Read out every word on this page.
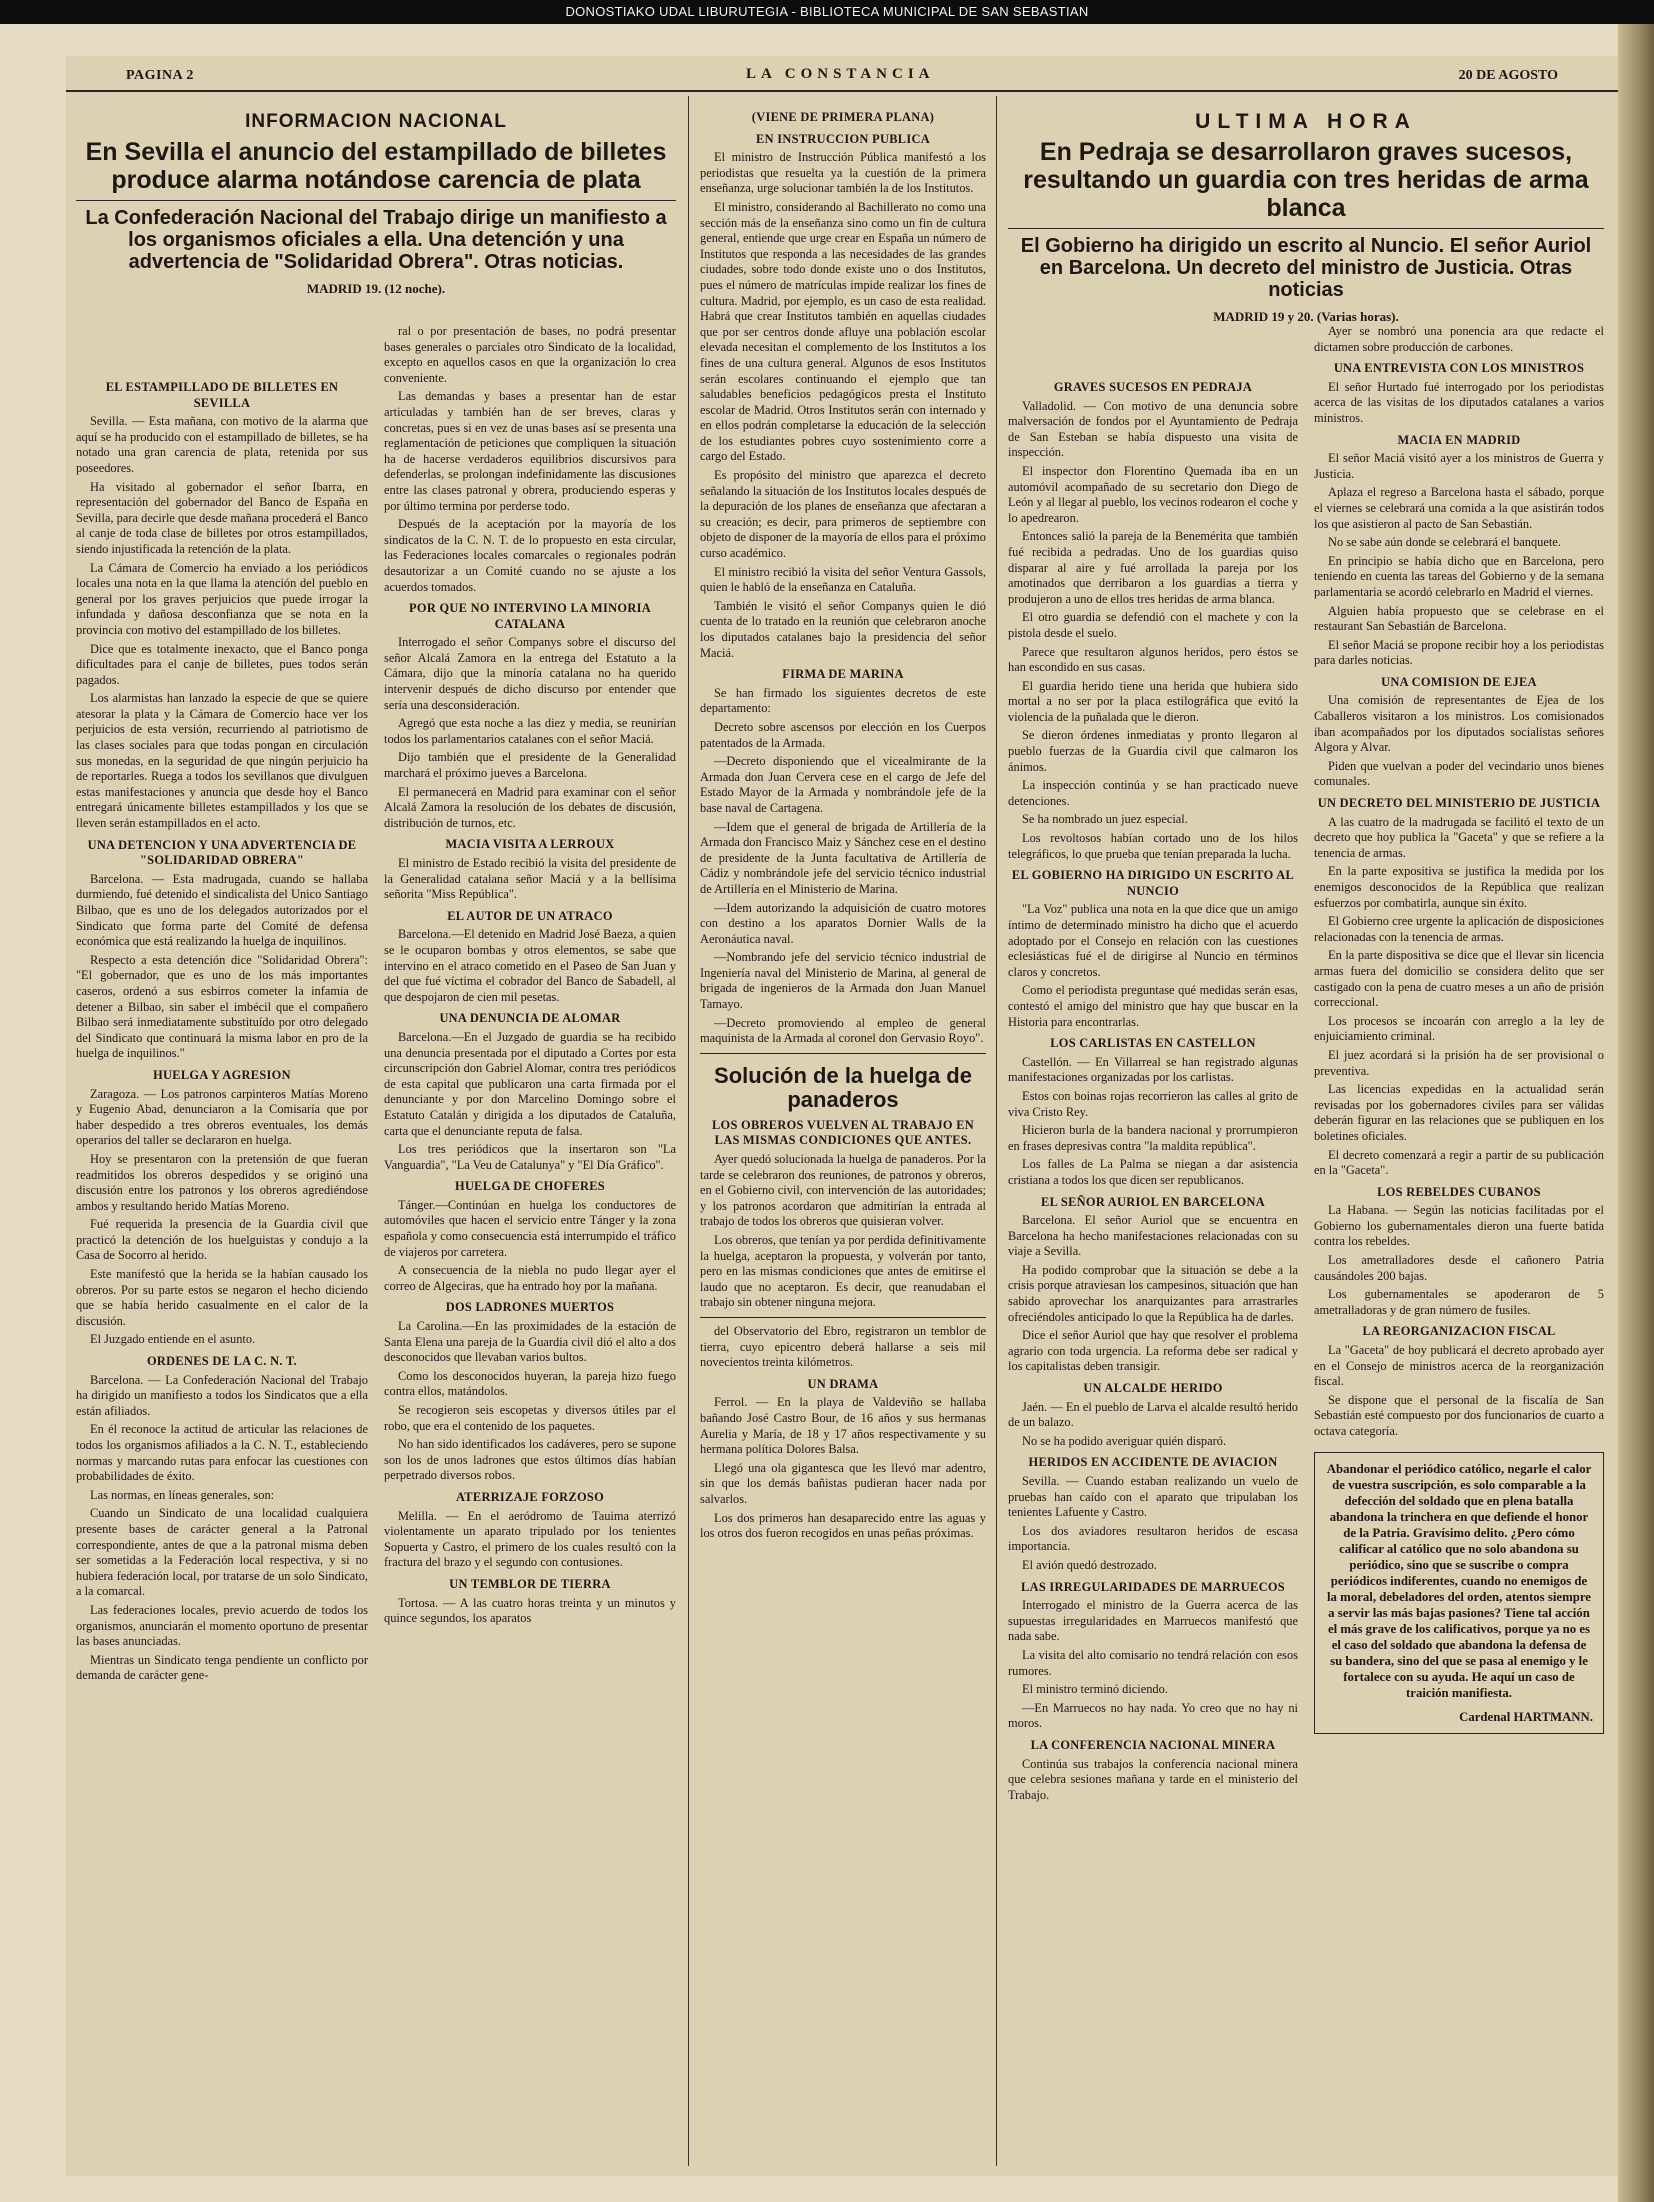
DONOSTIAKO UDAL LIBURUTEGIA - BIBLIOTECA MUNICIPAL DE SAN SEBASTIAN
PAGINA 2	LA CONSTANCIA	20 DE AGOSTO
INFORMACION NACIONAL
En Sevilla el anuncio del estampillado de billetes produce alarma notándose carencia de plata
La Confederación Nacional del Trabajo dirige un manifiesto a los organismos oficiales a ella. Una detención y una advertencia de "Solidaridad Obrera". Otras noticias.
MADRID 19. (12 noche).
EL ESTAMPILLADO DE BILLETES EN SEVILLA

Sevilla. — Esta mañana, con motivo de la alarma que aquí se ha producido con el estampillado de billetes, se ha notado una gran carencia de plata, retenida por sus poseedores.

Ha visitado al gobernador el señor Ibarra, en representación del gobernador del Banco de España en Sevilla, para decirle que desde mañana procederá el Banco al canje de toda clase de billetes por otros estampillados, siendo injustificada la retención de la plata.

La Cámara de Comercio ha enviado a los periódicos locales una nota en la que llama la atención del pueblo en general por los graves perjuicios que puede irrogar la infundada y dañosa desconfianza que se nota en la provincia con motivo del estampillado de los billetes.

Dice que es totalmente inexacto, que el Banco ponga dificultades para el canje de billetes, pues todos serán pagados.

Los alarmistas han lanzado la especie de que se quiere atesorar la plata y la Cámara de Comercio hace ver los perjuicios de esta versión, recurriendo al patriotismo de las clases sociales para que todas pongan en circulación sus monedas, en la seguridad de que ningún perjuicio ha de reportarles. Ruega a todos los sevillanos que divulguen estas manifestaciones y anuncia que desde hoy el Banco entregará únicamente billetes estampillados y los que se lleven serán estampillados en el acto.

UNA DETENCION Y UNA ADVERTENCIA DE "SOLIDARIDAD OBRERA"

Barcelona. — Esta madrugada, cuando se hallaba durmiendo, fué detenido el sindicalista del Unico Santiago Bilbao, que es uno de los delegados autorizados por el Sindicato que forma parte del Comité de defensa económica que está realizando la huelga de inquilinos.

Respecto a esta detención dice "Solidaridad Obrera": "El gobernador, que es uno de los más importantes caseros, ordenó a sus esbirros cometer la infamia de detener a Bilbao, sin saber el imbécil que el compañero Bilbao será inmediatamente substituído por otro delegado del Sindicato que continuará la misma labor en pro de la huelga de inquilinos."

HUELGA Y AGRESION

Zaragoza. — Los patronos carpinteros Matías Moreno y Eugenio Abad, denunciaron a la Comisaría que por haber despedido a tres obreros eventuales, los demás operarios del taller se declararon en huelga.

Hoy se presentaron con la pretensión de que fueran readmitidos los obreros despedidos y se originó una discusión entre los patronos y los obreros agrediéndose ambos y resultando herido Matías Moreno.

Fué requerida la presencia de la Guardia civil que practicó la detención de los huelguistas y condujo a la Casa de Socorro al herido.

Este manifestó que la herida se la habían causado los obreros. Por su parte estos se negaron el hecho diciendo que se había herido casualmente en el calor de la discusión.

El Juzgado entiende en el asunto.

ORDENES DE LA C. N. T.

Barcelona. — La Confederación Nacional del Trabajo ha dirigido un manifiesto a todos los Sindicatos que a ella están afiliados.

En él reconoce la actitud de articular las relaciones de todos los organismos afiliados a la C. N. T., estableciendo normas y marcando rutas para enfocar las cuestiones con probabilidades de éxito.

Las normas, en líneas generales, son:

Cuando un Sindicato de una localidad cualquiera presente bases de carácter general a la Patronal correspondiente, antes de que a la patronal misma deben ser sometidas a la Federación local respectiva, y si no hubiera federación local, por tratarse de un solo Sindicato, a la comarcal.

Las federaciones locales, previo acuerdo de todos los organismos, anunciarán el momento oportuno de presentar las bases anunciadas.

Mientras un Sindicato tenga pendiente un conflicto por demanda de carácter gene-

ral o por presentación de bases, no podrá presentar bases generales o parciales otro Sindicato de la localidad, excepto en aquellos casos en que la organización lo crea conveniente.

Las demandas y bases a presentar han de estar articuladas y también han de ser breves, claras y concretas, pues si en vez de unas bases así se presenta una reglamentación de peticiones que compliquen la situación ha de hacerse verdaderos equilibrios discursivos para defenderlas, se prolongan indefinidamente las discusiones entre las clases patronal y obrera, produciendo esperas y por último termina por perderse todo.

Después de la aceptación por la mayoría de los sindicatos de la C. N. T. de lo propuesto en esta circular, las Federaciones locales comarcales o regionales podrán desautorizar a un Comité cuando no se ajuste a los acuerdos tomados.

POR QUE NO INTERVINO LA MINORIA CATALANA

Interrogado el señor Companys sobre el discurso del señor Alcalá Zamora en la entrega del Estatuto a la Cámara, dijo que la minoría catalana no ha querido intervenir después de dicho discurso por entender que sería una desconsideración.

Agregó que esta noche a las diez y media, se reunirían todos los parlamentarios catalanes con el señor Maciá.

Dijo también que el presidente de la Generalidad marchará el próximo jueves a Barcelona.

El permanecerá en Madrid para examinar con el señor Alcalá Zamora la resolución de los debates de discusión, distribución de turnos, etc.

MACIA VISITA A LERROUX

El ministro de Estado recibió la visita del presidente de la Generalidad catalana señor Maciá y a la bellísima señorita "Miss República".

EL AUTOR DE UN ATRACO

Barcelona.—El detenido en Madrid José Baeza, a quien se le ocuparon bombas y otros elementos, se sabe que intervino en el atraco cometido en el Paseo de San Juan y del que fué víctima el cobrador del Banco de Sabadell, al que despojaron de cien mil pesetas.

UNA DENUNCIA DE ALOMAR

Barcelona.—En el Juzgado de guardia se ha recibido una denuncia presentada por el diputado a Cortes por esta circunscripción don Gabriel Alomar, contra tres periódicos de esta capital que publicaron una carta firmada por el denunciante y por don Marcelino Domingo sobre el Estatuto Catalán y dirigida a los diputados de Cataluña, carta que el denunciante reputa de falsa.

Los tres periódicos que la insertaron son "La Vanguardia", "La Veu de Catalunya" y "El Día Gráfico".

HUELGA DE CHOFERES

Tánger.—Continúan en huelga los conductores de automóviles que hacen el servicio entre Tánger y la zona española y como consecuencia está interrumpido el tráfico de viajeros por carretera.

A consecuencia de la niebla no pudo llegar ayer el correo de Algeciras, que ha entrado hoy por la mañana.

DOS LADRONES MUERTOS

La Carolina.—En las proximidades de la estación de Santa Elena una pareja de la Guardia civil dió el alto a dos desconocidos que llevaban varios bultos.

Como los desconocidos huyeran, la pareja hizo fuego contra ellos, matándolos.

Se recogieron seis escopetas y diversos útiles par el robo, que era el contenido de los paquetes.

No han sido identificados los cadáveres, pero se supone son los de unos ladrones que estos últimos días habían perpetrado diversos robos.

ATERRIZAJE FORZOSO

Melilla. — En el aeródromo de Tauima aterrizó violentamente un aparato tripulado por los tenientes Sopuerta y Castro, el primero de los cuales resultó con la fractura del brazo y el segundo con contusiones.

UN TEMBLOR DE TIERRA

Tortosa. — A las cuatro horas treinta y un minutos y quince segundos, los aparatos

(VIENE DE PRIMERA PLANA)
EN INSTRUCCION PUBLICA

El ministro de Instrucción Pública manifestó a los periodistas que resuelta ya la cuestión de la primera enseñanza, urge solucionar también la de los Institutos.

El ministro, considerando al Bachillerato no como una sección más de la enseñanza sino como un fin de cultura general, entiende que urge crear en España un número de Institutos que responda a las necesidades de las grandes ciudades, sobre todo donde existe uno o dos Institutos, pues el número de matrículas impide realizar los fines de cultura. Madrid, por ejemplo, es un caso de esta realidad. Habrá que crear Institutos también en aquellas ciudades que por ser centros donde afluye una población escolar elevada necesitan el complemento de los Institutos a los fines de una cultura general. Algunos de esos Institutos serán escolares continuando el ejemplo que tan saludables beneficios pedagógicos presta el Instituto escolar de Madrid. Otros Institutos serán con internado y en ellos podrán completarse la educación de la selección de los estudiantes pobres cuyo sostenimiento corre a cargo del Estado.

Es propósito del ministro que aparezca el decreto señalando la situación de los Institutos locales después de la depuración de los planes de enseñanza que afectaran a su creación; es decir, para primeros de septiembre con objeto de disponer de la mayoría de ellos para el próximo curso académico.

El ministro recibió la visita del señor Ventura Gassols, quien le habló de la enseñanza en Cataluña.

También le visitó el señor Companys quien le dió cuenta de lo tratado en la reunión que celebraron anoche los diputados catalanes bajo la presidencia del señor Maciá.

FIRMA DE MARINA

Se han firmado los siguientes decretos de este departamento:

Decreto sobre ascensos por elección en los Cuerpos patentados de la Armada.

—Decreto disponiendo que el vicealmirante de la Armada don Juan Cervera cese en el cargo de Jefe del Estado Mayor de la Armada y nombrándole jefe de la base naval de Cartagena.

—Idem que el general de brigada de Artillería de la Armada don Francisco Maiz y Sánchez cese en el destino de presidente de la Junta facultativa de Artillería de Cádiz y nombrándole jefe del servicio técnico industrial de Artillería en el Ministerio de Marina.

—Idem autorizando la adquisición de cuatro motores con destino a los aparatos Dornier Walls de la Aeronáutica naval.

—Nombrando jefe del servicio técnico industrial de Ingeniería naval del Ministerio de Marina, al general de brigada de ingenieros de la Armada don Juan Manuel Tamayo.

—Decreto promoviendo al empleo de general maquinista de la Armada al coronel don Gervasio Royo".

Solución de la huelga de panaderos
LOS OBREROS VUELVEN AL TRABAJO EN LAS MISMAS CONDICIONES QUE ANTES.

Ayer quedó solucionada la huelga de panaderos. Por la tarde se celebraron dos reuniones, de patronos y obreros, en el Gobierno civil, con intervención de las autoridades; y los patronos acordaron que admitirían la entrada al trabajo de todos los obreros que quisieran volver.

Los obreros, que tenían ya por perdida definitivamente la huelga, aceptaron la propuesta, y volverán por tanto, pero en las mismas condiciones que antes de emitirse el laudo que no aceptaron. Es decir, que reanudaban el trabajo sin obtener ninguna mejora.

del Observatorio del Ebro, registraron un temblor de tierra, cuyo epicentro deberá hallarse a seis mil novecientos treinta kilómetros.

UN DRAMA

Ferrol. — En la playa de Valdeviño se hallaba bañando José Castro Bour, de 16 años y sus hermanas Aurelia y María, de 18 y 17 años respectivamente y su hermana política Dolores Balsa.

Llegó una ola gigantesca que les llevó mar adentro, sin que los demás bañistas pudieran hacer nada por salvarlos.

Los dos primeros han desaparecido entre las aguas y los otros dos fueron recogidos en unas peñas próximas.

ULTIMA HORA
En Pedraja se desarrollaron graves sucesos, resultando un guardia con tres heridas de arma blanca
El Gobierno ha dirigido un escrito al Nuncio. El señor Auriol en Barcelona. Un decreto del ministro de Justicia. Otras noticias
MADRID 19 y 20. (Varias horas).
GRAVES SUCESOS EN PEDRAJA

Valladolid. — Con motivo de una denuncia sobre malversación de fondos por el Ayuntamiento de Pedraja de San Esteban se había dispuesto una visita de inspección.

El inspector don Florentino Quemada iba en un automóvil acompañado de su secretario don Diego de León y al llegar al pueblo, los vecinos rodearon el coche y lo apedrearon.

Entonces salió la pareja de la Benemérita que también fué recibida a pedradas. Uno de los guardias quiso disparar al aire y fué arrollada la pareja por los amotinados que derribaron a los guardias a tierra y produjeron a uno de ellos tres heridas de arma blanca.

El otro guardia se defendió con el machete y con la pistola desde el suelo.

Parece que resultaron algunos heridos, pero éstos se han escondido en sus casas.

El guardia herido tiene una herida que hubiera sido mortal a no ser por la placa estilográfica que evitó la violencia de la puñalada que le dieron.

Se dieron órdenes inmediatas y pronto llegaron al pueblo fuerzas de la Guardia civil que calmaron los ánimos.

La inspección continúa y se han practicado nueve detenciones.

Se ha nombrado un juez especial.

Los revoltosos habían cortado uno de los hilos telegráficos, lo que prueba que tenían preparada la lucha.

EL GOBIERNO HA DIRIGIDO UN ESCRITO AL NUNCIO

"La Voz" publica una nota en la que dice que un amigo íntimo de determinado ministro ha dicho que el acuerdo adoptado por el Consejo en relación con las cuestiones eclesiásticas fué el de dirigirse al Nuncio en términos claros y concretos.

Como el periodista preguntase qué medidas serán esas, contestó el amigo del ministro que hay que buscar en la Historia para encontrarlas.

LOS CARLISTAS EN CASTELLON

Castellón. — En Villarreal se han registrado algunas manifestaciones organizadas por los carlistas.

Estos con boinas rojas recorrieron las calles al grito de viva Cristo Rey.

Hicieron burla de la bandera nacional y prorrumpieron en frases depresivas contra "la maldita república".

Los falles de La Palma se niegan a dar asistencia cristiana a todos los que dicen ser republicanos.

EL SEÑOR AURIOL EN BARCELONA

Barcelona. El señor Auriol que se encuentra en Barcelona ha hecho manifestaciones relacionadas con su viaje a Sevilla.

Ha podido comprobar que la situación se debe a la crisis porque atraviesan los campesinos, situación que han sabido aprovechar los anarquizantes para arrastrarles ofreciéndoles anticipado lo que la República ha de darles.

Dice el señor Auriol que hay que resolver el problema agrario con toda urgencia. La reforma debe ser radical y los capitalistas deben transigir.

UN ALCALDE HERIDO

Jaén. — En el pueblo de Larva el alcalde resultó herido de un balazo.

No se ha podido averiguar quién disparó.

HERIDOS EN ACCIDENTE DE AVIACION

Sevilla. — Cuando estaban realizando un vuelo de pruebas han caído con el aparato que tripulaban los tenientes Lafuente y Castro.

Los dos aviadores resultaron heridos de escasa importancia.

El avión quedó destrozado.

LAS IRREGULARIDADES DE MARRUECOS

Interrogado el ministro de la Guerra acerca de las supuestas irregularidades en Marruecos manifestó que nada sabe.

La visita del alto comisario no tendrá relación con esos rumores.

El ministro terminó diciendo.

—En Marruecos no hay nada. Yo creo que no hay ni moros.

LA CONFERENCIA NACIONAL MINERA

Continúa sus trabajos la conferencia nacional minera que celebra sesiones mañana y tarde en el ministerio del Trabajo.

Ayer se nombró una ponencia ara que redacte el dictamen sobre producción de carbones.

UNA ENTREVISTA CON LOS MINISTROS

El señor Hurtado fué interrogado por los periodistas acerca de las visitas de los diputados catalanes a varios ministros.

MACIA EN MADRID

El señor Maciá visitó ayer a los ministros de Guerra y Justicia.

Aplaza el regreso a Barcelona hasta el sábado, porque el viernes se celebrará una comida a la que asistirán todos los que asistieron al pacto de San Sebastián.

No se sabe aún donde se celebrará el banquete.

En principio se había dicho que en Barcelona, pero teniendo en cuenta las tareas del Gobierno y de la semana parlamentaria se acordó celebrarlo en Madrid el viernes.

Alguien había propuesto que se celebrase en el restaurant San Sebastián de Barcelona.

El señor Maciá se propone recibir hoy a los periodistas para darles noticias.

UNA COMISION DE EJEA

Una comisión de representantes de Ejea de los Caballeros visitaron a los ministros. Los comisionados iban acompañados por los diputados socialistas señores Algora y Alvar.

Piden que vuelvan a poder del vecindario unos bienes comunales.

UN DECRETO DEL MINISTERIO DE JUSTICIA

A las cuatro de la madrugada se facilitó el texto de un decreto que hoy publica la "Gaceta" y que se refiere a la tenencia de armas.

En la parte expositiva se justifica la medida por los enemigos desconocidos de la República que realizan esfuerzos por combatirla, aunque sin éxito.

El Gobierno cree urgente la aplicación de disposiciones relacionadas con la tenencia de armas.

En la parte dispositiva se dice que el llevar sin licencia armas fuera del domicilio se considera delito que ser castigado con la pena de cuatro meses a un año de prisión correccional.

Los procesos se incoarán con arreglo a la ley de enjuiciamiento criminal.

El juez acordará si la prisión ha de ser provisional o preventiva.

Las licencias expedidas en la actualidad serán revisadas por los gobernadores civiles para ser válidas deberán figurar en las relaciones que se publiquen en los boletines oficiales.

El decreto comenzará a regir a partir de su publicación en la "Gaceta".

LOS REBELDES CUBANOS

La Habana. — Según las noticias facilitadas por el Gobierno los gubernamentales dieron una fuerte batida contra los rebeldes.

Los ametralladores desde el cañonero Patria causándoles 200 bajas.

Los gubernamentales se apoderaron de 5 ametralladoras y de gran número de fusiles.

LA REORGANIZACION FISCAL

La "Gaceta" de hoy publicará el decreto aprobado ayer en el Consejo de ministros acerca de la reorganización fiscal.

Se dispone que el personal de la fiscalía de San Sebastián esté compuesto por dos funcionarios de cuarto a octava categoría.

Abandonar el periódico católico, negarle el calor de vuestra suscripción, es solo comparable a la defección del soldado que en plena batalla abandona la trinchera en que defiende el honor de la Patria. Gravísimo delito. ¿Pero cómo calificar al católico que no solo abandona su periódico, sino que se suscribe o compra periódicos indiferentes, cuando no enemigos de la moral, debeladores del orden, atentos siempre a servir las más bajas pasiones? Tiene tal acción el más grave de los calificativos, porque ya no es el caso del soldado que abandona la defensa de su bandera, sino del que se pasa al enemigo y le fortalece con su ayuda. He aquí un caso de traición manifiesta.
Cardenal HARTMANN.
